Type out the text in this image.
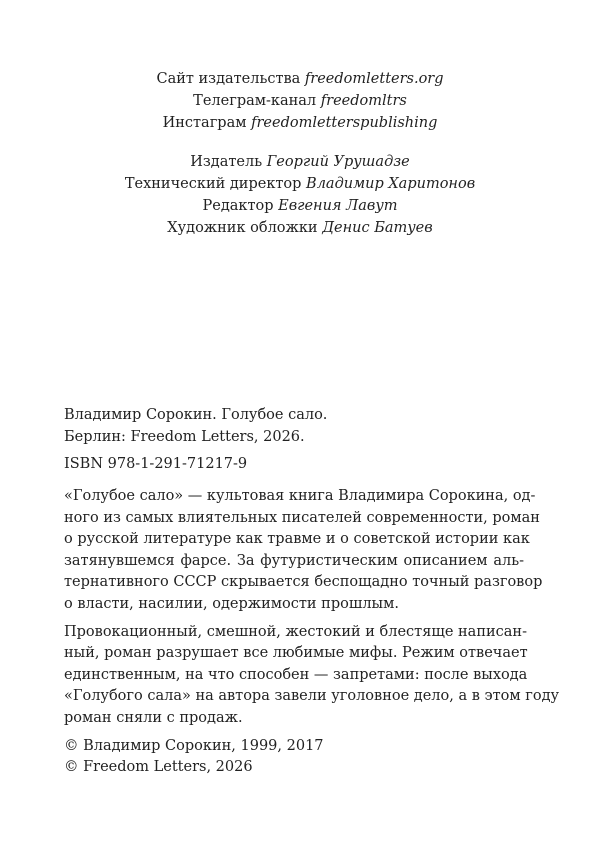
Сайт издательства freedomletters.org
Телеграм-канал freedomltrs
Инстаграм freedomletterspublishing
Издатель Георгий Урушадзе
Технический директор Владимир Харитонов
Редактор Евгения Лавут
Художник обложки Денис Батуев
Владимир Сорокин. Голубое сало.
Берлин: Freedom Letters, 2026.
ISBN 978-1-291-71217-9

«Голубое сало» — культовая книга Владимира Сорокина, од-
ного из самых влиятельных писателей современности, роман
о русской литературе как травме и о советской истории как
затянувшемся фарсе. За футуристическим описанием аль-
тернативного СССР скрывается беспощадно точный разговор
о власти, насилии, одержимости прошлым.

Провокационный, смешной, жестокий и блестяще написан-
ный, роман разрушает все любимые мифы. Режим отвечает
единственным, на что способен — запретами: после выхода
«Голубого сала» на автора завели уголовное дело, а в этом году
роман сняли с продаж.

© Владимир Сорокин, 1999, 2017
© Freedom Letters, 2026
